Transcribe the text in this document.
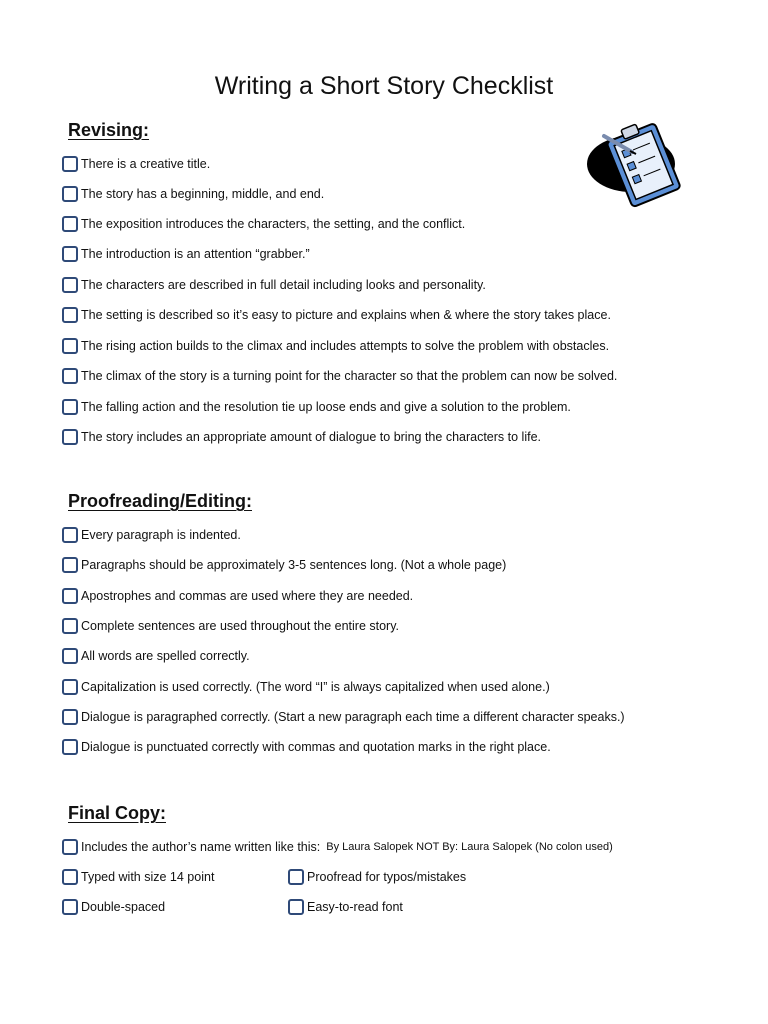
Writing a Short Story Checklist
Revising:
There is a creative title.
The story has a beginning, middle, and end.
The exposition introduces the characters, the setting, and the conflict.
The introduction is an attention “grabber.”
The characters are described in full detail including looks and personality.
The setting is described so it’s easy to picture and explains when & where the story takes place.
The rising action builds to the climax and includes attempts to solve the problem with obstacles.
The climax of the story is a turning point for the character so that the problem can now be solved.
The falling action and the resolution tie up loose ends and give a solution to the problem.
The story includes an appropriate amount of dialogue to bring the characters to life.
Proofreading/Editing:
Every paragraph is indented.
Paragraphs should be approximately 3-5 sentences long. (Not a whole page)
Apostrophes and commas are used where they are needed.
Complete sentences are used throughout the entire story.
All words are spelled correctly.
Capitalization is used correctly. (The word “I” is always capitalized when used alone.)
Dialogue is paragraphed correctly. (Start a new paragraph each time a different character speaks.)
Dialogue is punctuated correctly with commas and quotation marks in the right place.
Final Copy:
Includes the author’s name written like this: By Laura Salopek NOT By: Laura Salopek (No colon used)
Typed with size 14 point	Proofread for typos/mistakes
Double-spaced	Easy-to-read font
